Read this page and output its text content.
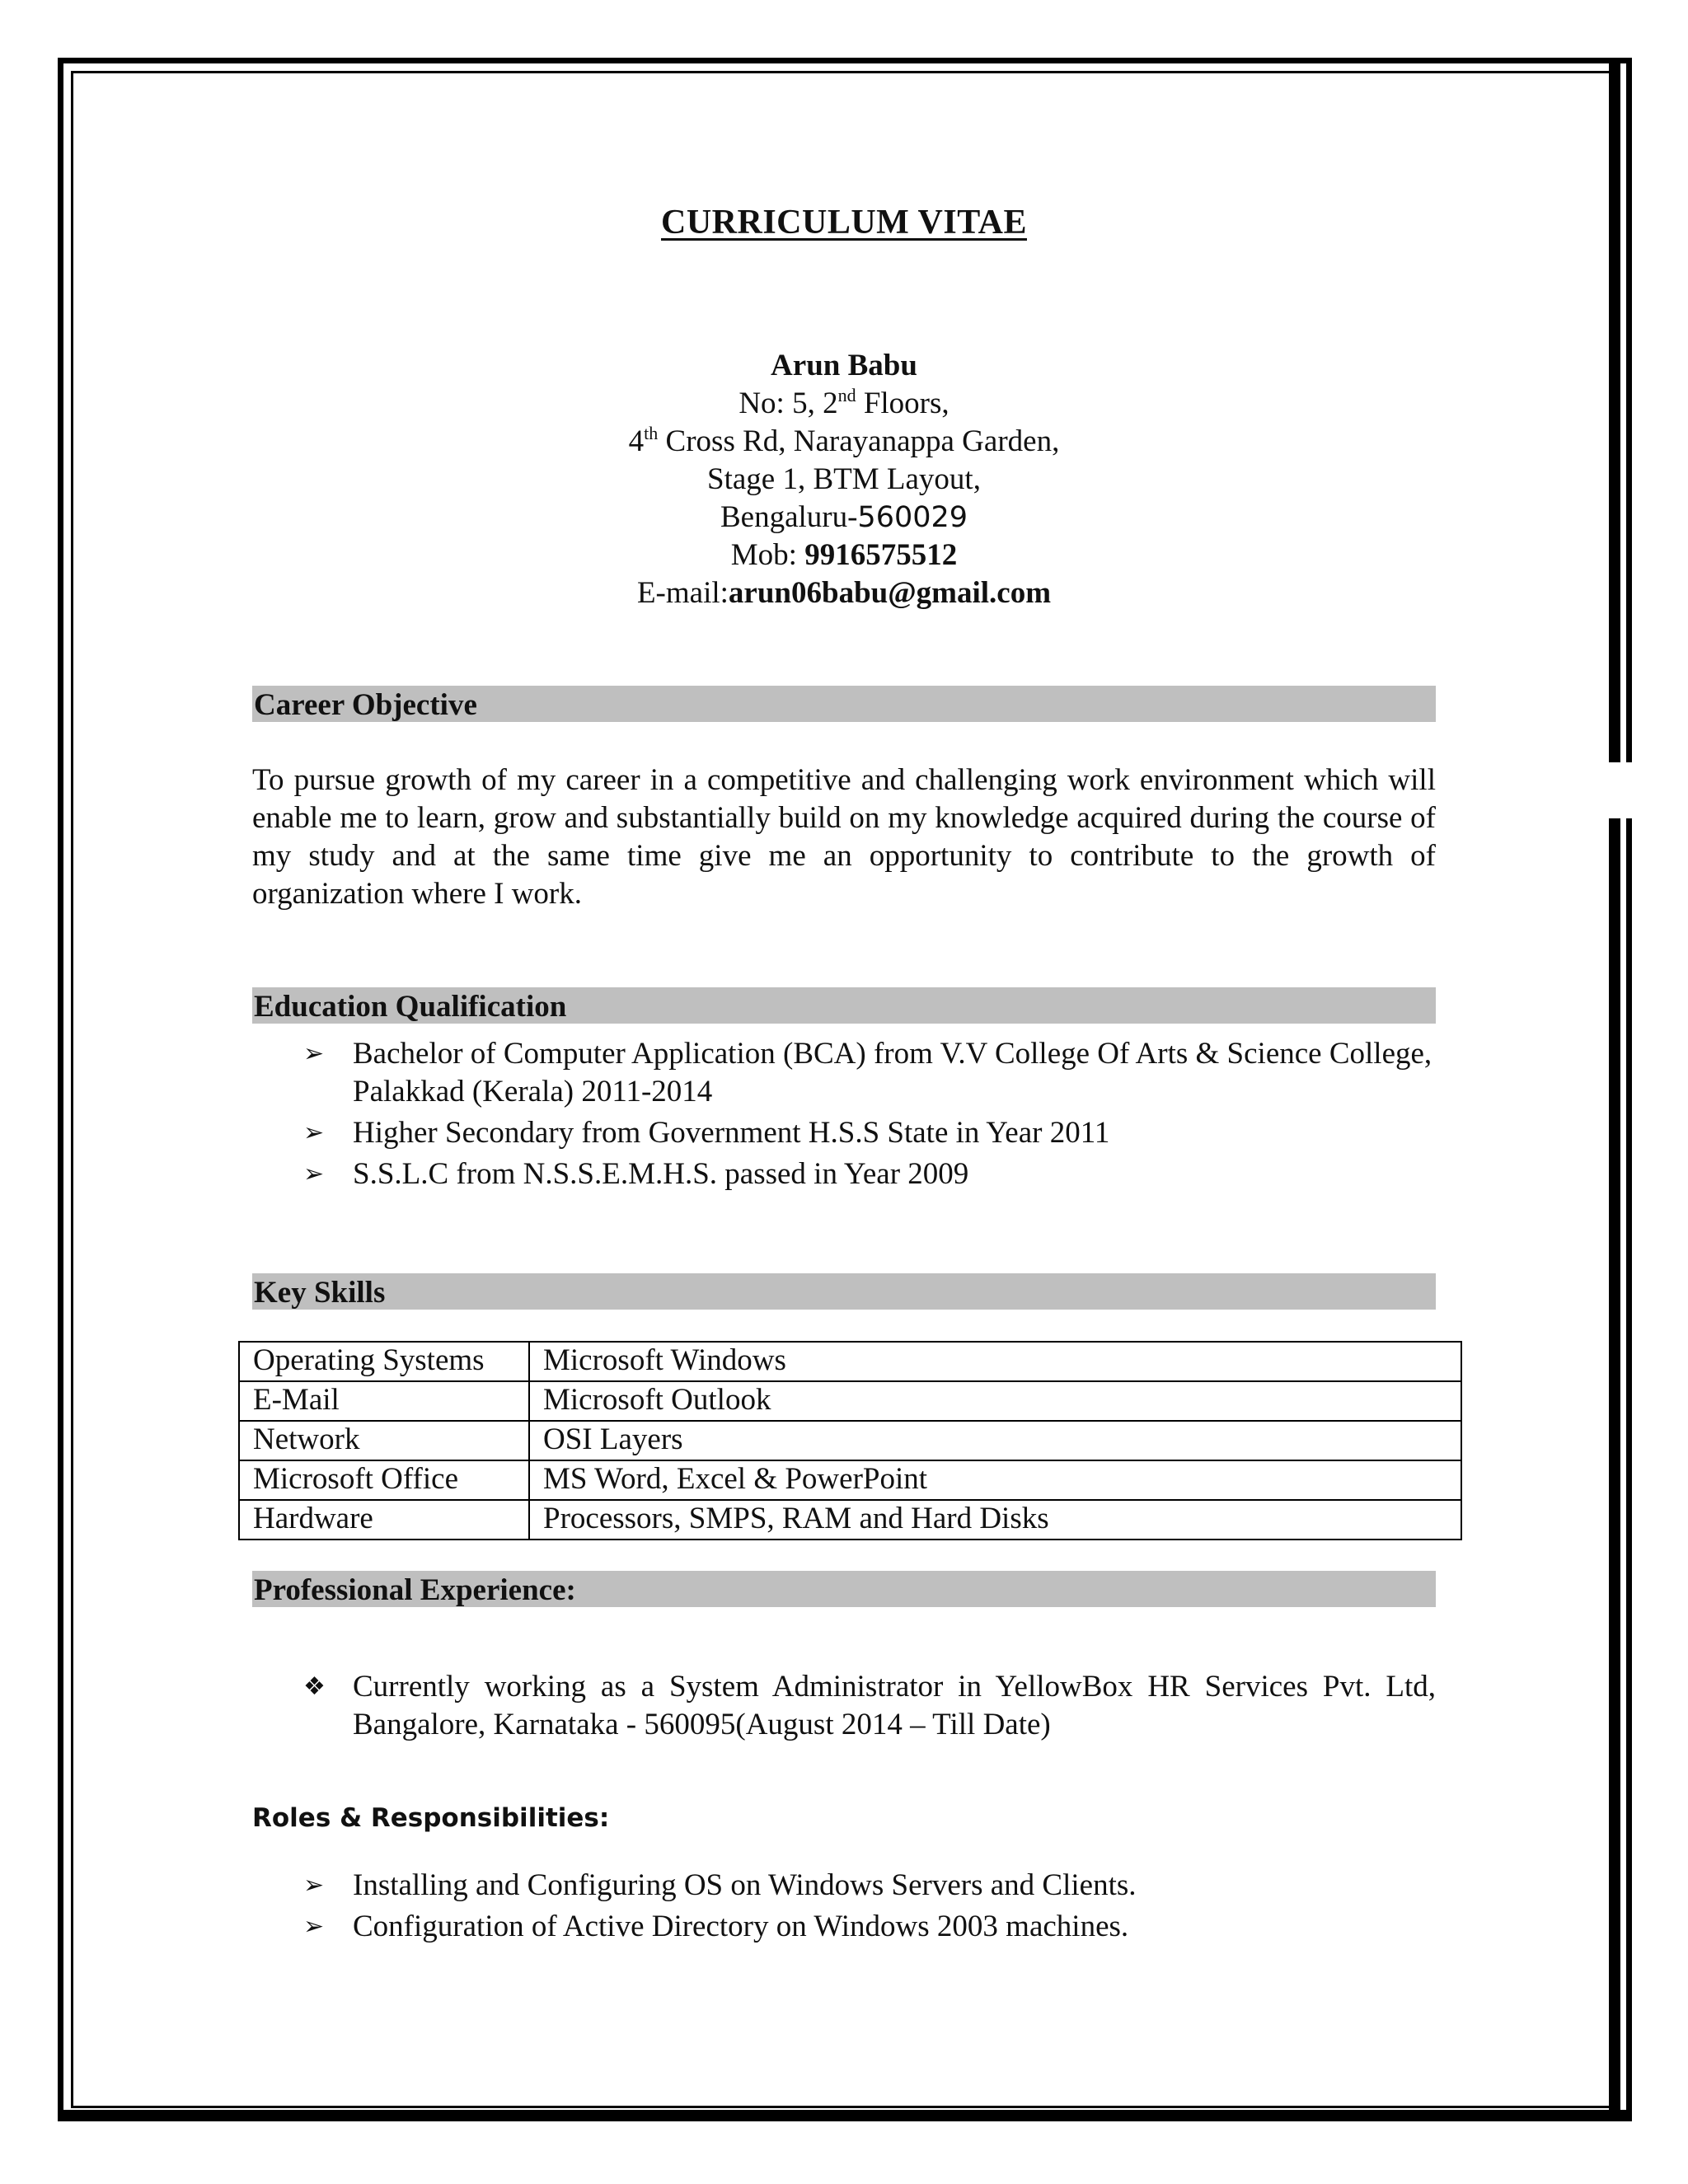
CURRICULUM VITAE
Arun Babu
No: 5, 2nd Floors,
4th Cross Rd, Narayanappa Garden,
Stage 1, BTM Layout,
Bengaluru-560029
Mob: 9916575512
E-mail:arun06babu@gmail.com
Career Objective
To pursue growth of my career in a competitive and challenging work environment which will enable me to learn, grow and substantially build on my knowledge acquired during the course of my study and at the same time give me an opportunity to contribute to the growth of organization where I work.
Education Qualification
➢ Bachelor of Computer Application (BCA) from V.V College Of Arts & Science College, Palakkad (Kerala) 2011-2014
➢ Higher Secondary from Government H.S.S State in Year 2011
➢ S.S.L.C from N.S.S.E.M.H.S. passed in Year 2009
Key Skills
Operating Systems	Microsoft Windows
E-Mail	Microsoft Outlook
Network	OSI Layers
Microsoft Office	MS Word, Excel & PowerPoint
Hardware	Processors, SMPS, RAM and Hard Disks
Professional Experience:
❖ Currently working as a System Administrator in YellowBox HR Services Pvt. Ltd, Bangalore, Karnataka - 560095(August 2014 – Till Date)
Roles & Responsibilities:
➢ Installing and Configuring OS on Windows Servers and Clients.
➢ Configuration of Active Directory on Windows 2003 machines.
